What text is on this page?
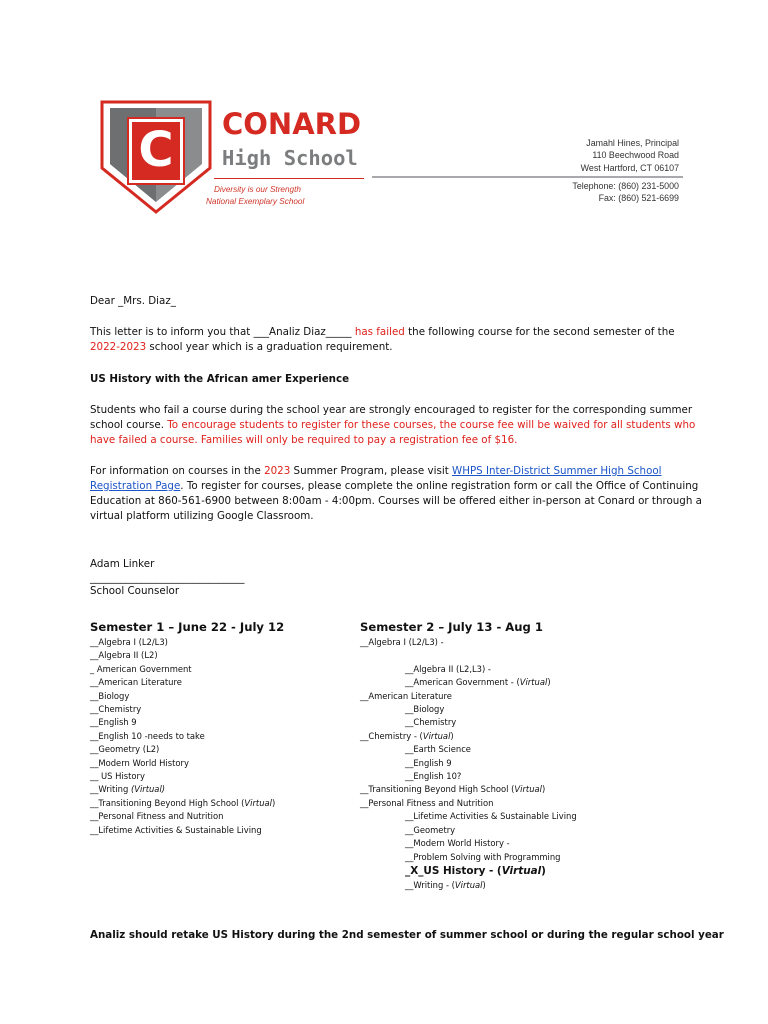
C CONARD
High School
Diversity is our Strength
National Exemplary School
Jamahl Hines, Principal
110 Beechwood Road
West Hartford, CT 06107
Telephone: (860) 231-5000
Fax: (860) 521-6699
Dear _Mrs. Diaz_
This letter is to inform you that ___Analiz Diaz_____ has failed the following course for the second semester of the
2022-2023 school year which is a graduation requirement.
US History with the African amer Experience
Students who fail a course during the school year are strongly encouraged to register for the corresponding summer
school course. To encourage students to register for these courses, the course fee will be waived for all students who
have failed a course. Families will only be required to pay a registration fee of $16.
For information on courses in the 2023 Summer Program, please visit WHPS Inter-District Summer High School
Registration Page. To register for courses, please complete the online registration form or call the Office of Continuing
Education at 860-561-6900 between 8:00am - 4:00pm. Courses will be offered either in-person at Conard or through a
virtual platform utilizing Google Classroom.
Adam Linker
______________________________
School Counselor
Semester 1 – June 22 - July 12
__Algebra I (L2/L3)
__Algebra II (L2)
_ American Government
__American Literature
__Biology
__Chemistry
__English 9
__English 10 -needs to take
__Geometry (L2)
__Modern World History
__ US History
__Writing (Virtual)
__Transitioning Beyond High School (Virtual)
__Personal Fitness and Nutrition
__Lifetime Activities & Sustainable Living
Semester 2 – July 13 - Aug 1
__Algebra I (L2/L3) -

__Algebra II (L2,L3) -
__American Government - (Virtual)
__American Literature
__Biology
__Chemistry
__Chemistry - (Virtual)
__Earth Science
__English 9
__English 10?
__Transitioning Beyond High School (Virtual)
__Personal Fitness and Nutrition
__Lifetime Activities & Sustainable Living
__Geometry
__Modern World History -
__Problem Solving with Programming
_X_US History - (Virtual)
__Writing - (Virtual)
Analiz should retake US History during the 2nd semester of summer school or during the regular school year
